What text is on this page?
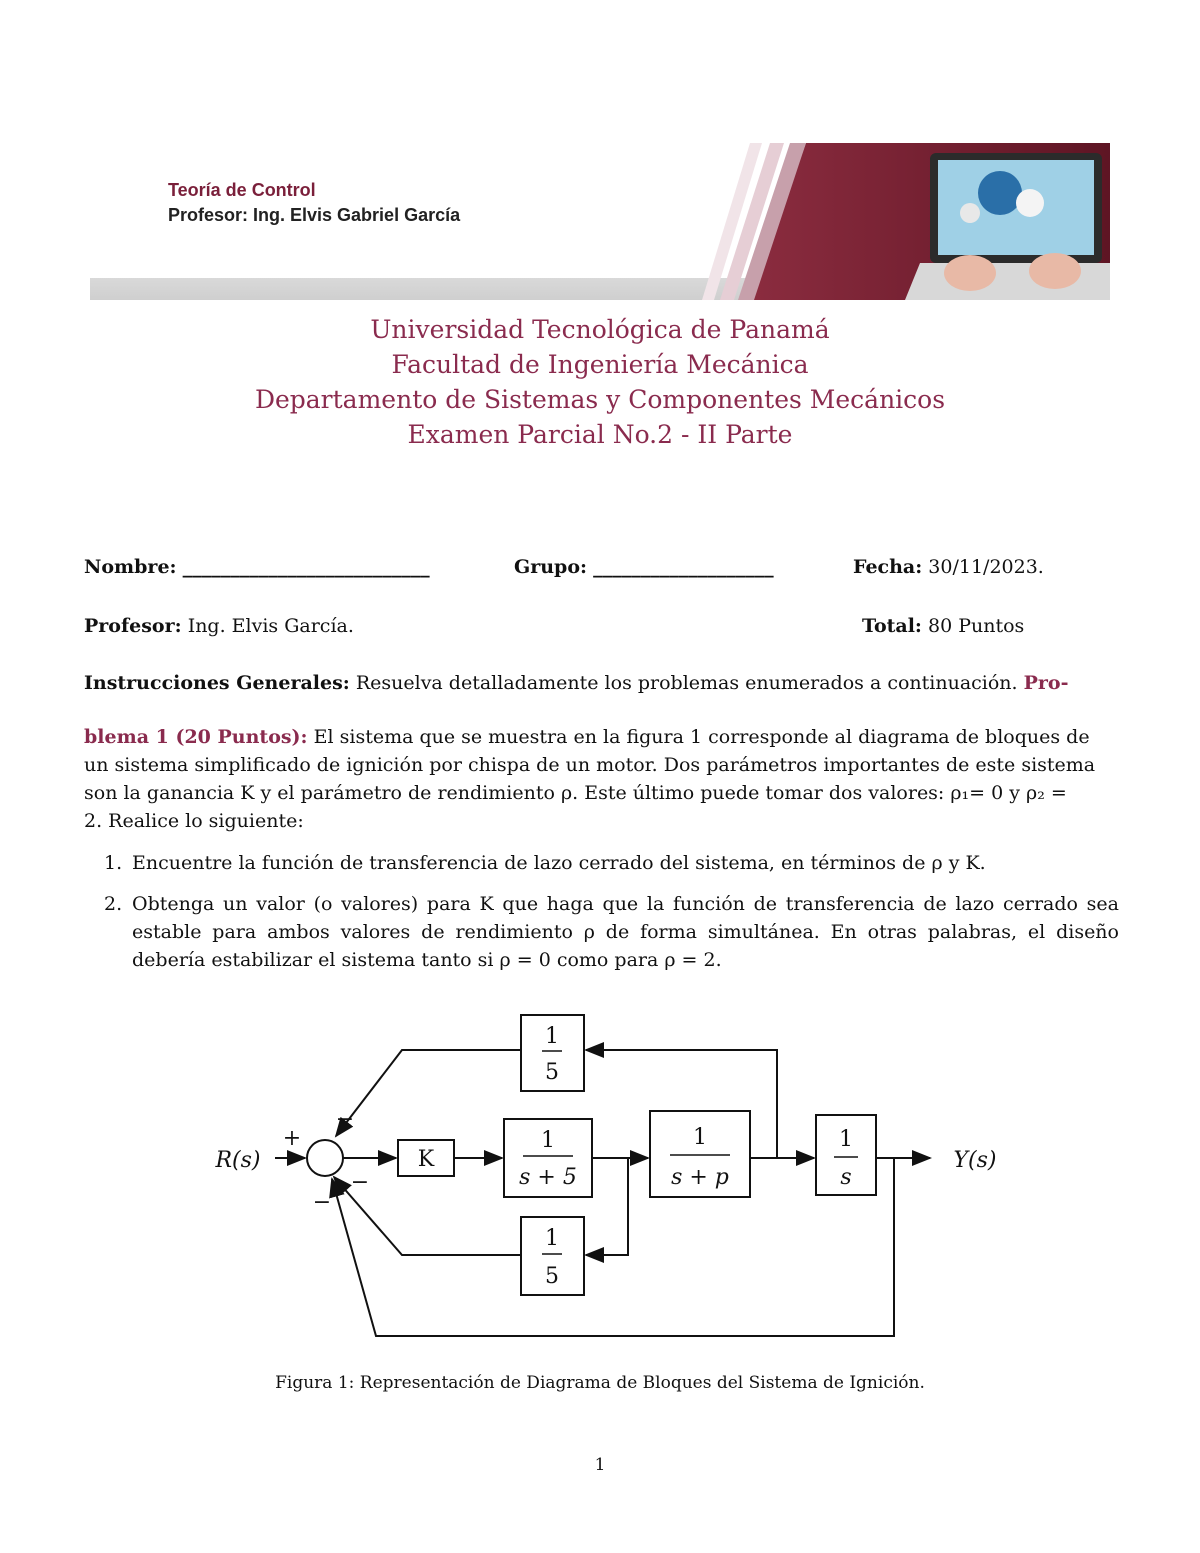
Teoría de Control
Profesor: Ing. Elvis Gabriel García
Universidad Tecnológica de Panamá
Facultad de Ingeniería Mecánica
Departamento de Sistemas y Componentes Mecánicos
Examen Parcial No.2 - II Parte
Nombre: __________________________	Grupo: ___________________	Fecha: 30/11/2023.
Profesor: Ing. Elvis García.	Total: 80 Puntos
Instrucciones Generales: Resuelva detalladamente los problemas enumerados a continuación. Pro-
blema 1 (20 Puntos): El sistema que se muestra en la figura 1 corresponde al diagrama de bloques de
un sistema simplificado de ignición por chispa de un motor. Dos parámetros importantes de este sistema
son la ganancia K y el parámetro de rendimiento ρ. Este último puede tomar dos valores: ρ₁= 0 y ρ₂ =
2. Realice lo siguiente:
1. Encuentre la función de transferencia de lazo cerrado del sistema, en términos de ρ y K.
2. Obtenga un valor (o valores) para K que haga que la función de transferencia de lazo cerrado sea estable para ambos valores de rendimiento ρ de forma simultánea. En otras palabras, el diseño debería estabilizar el sistema tanto si ρ = 0 como para ρ = 2.
R(s)	Y(s)
+
−
−
−
K
1
s + 5
1
s + p
1
s
1
5
1
5
Figura 1: Representación de Diagrama de Bloques del Sistema de Ignición.
1
